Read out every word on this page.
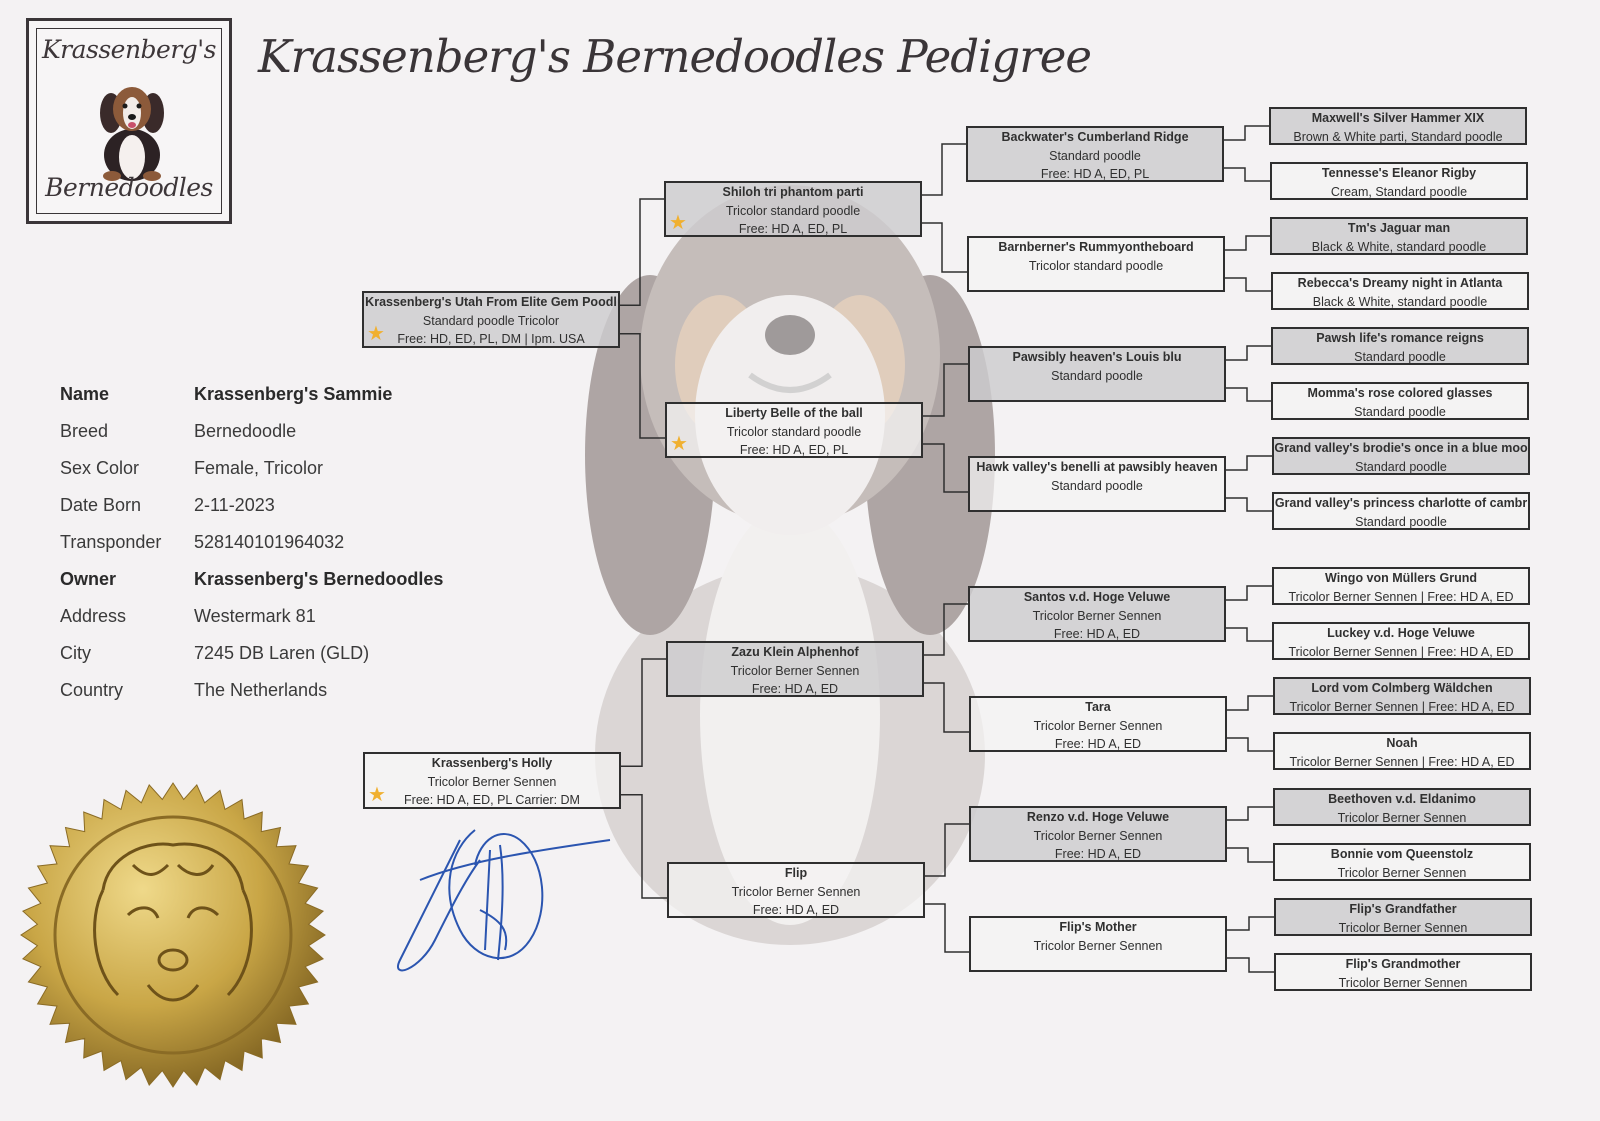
Krassenberg's
Bernedoodles
Krassenberg's Bernedoodles Pedigree
Name	Krassenberg's Sammie
Breed	Bernedoodle
Sex Color	Female, Tricolor
Date Born	2-11-2023
Transponder 528140101964032
Owner	Krassenberg's Bernedoodles
Address	Westermark 81
City	7245 DB Laren (GLD)
Country	The Netherlands
Krassenberg's Utah From Elite Gem Poodl
Standard poodle Tricolor
Free: HD, ED, PL, DM | Ipm. USA
★
Krassenberg's Holly
Tricolor Berner Sennen
Free: HD A, ED, PL Carrier: DM
★
Shiloh tri phantom parti
Tricolor standard poodle
Free: HD A, ED, PL
★
Liberty Belle of the ball
Tricolor standard poodle
Free: HD A, ED, PL
★
Zazu Klein Alphenhof
Tricolor Berner Sennen
Free: HD A, ED
Flip
Tricolor Berner Sennen
Free: HD A, ED
Backwater's Cumberland Ridge
Standard poodle
Free: HD A, ED, PL
Barnberner's Rummyontheboard
Tricolor standard poodle
Pawsibly heaven's Louis blu
Standard poodle
Hawk valley's benelli at pawsibly heaven
Standard poodle
Santos v.d. Hoge Veluwe
Tricolor Berner Sennen
Free: HD A, ED
Tara
Tricolor Berner Sennen
Free: HD A, ED
Renzo v.d. Hoge Veluwe
Tricolor Berner Sennen
Free: HD A, ED
Flip's Mother
Tricolor Berner Sennen
Maxwell's Silver Hammer XIX
Brown & White parti, Standard poodle
Tennesse's Eleanor Rigby
Cream, Standard poodle
Tm's Jaguar man
Black & White, standard poodle
Rebecca's Dreamy night in Atlanta
Black & White, standard poodle
Pawsh life's romance reigns
Standard poodle
Momma's rose colored glasses
Standard poodle
Grand valley's brodie's once in a blue moo
Standard poodle
Grand valley's princess charlotte of cambr
Standard poodle
Wingo von Müllers Grund
Tricolor Berner Sennen | Free: HD A, ED
Luckey v.d. Hoge Veluwe
Tricolor Berner Sennen | Free: HD A, ED
Lord vom Colmberg Wäldchen
Tricolor Berner Sennen | Free: HD A, ED
Noah
Tricolor Berner Sennen | Free: HD A, ED
Beethoven v.d. Eldanimo
Tricolor Berner Sennen
Bonnie vom Queenstolz
Tricolor Berner Sennen
Flip's Grandfather
Tricolor Berner Sennen
Flip's Grandmother
Tricolor Berner Sennen
